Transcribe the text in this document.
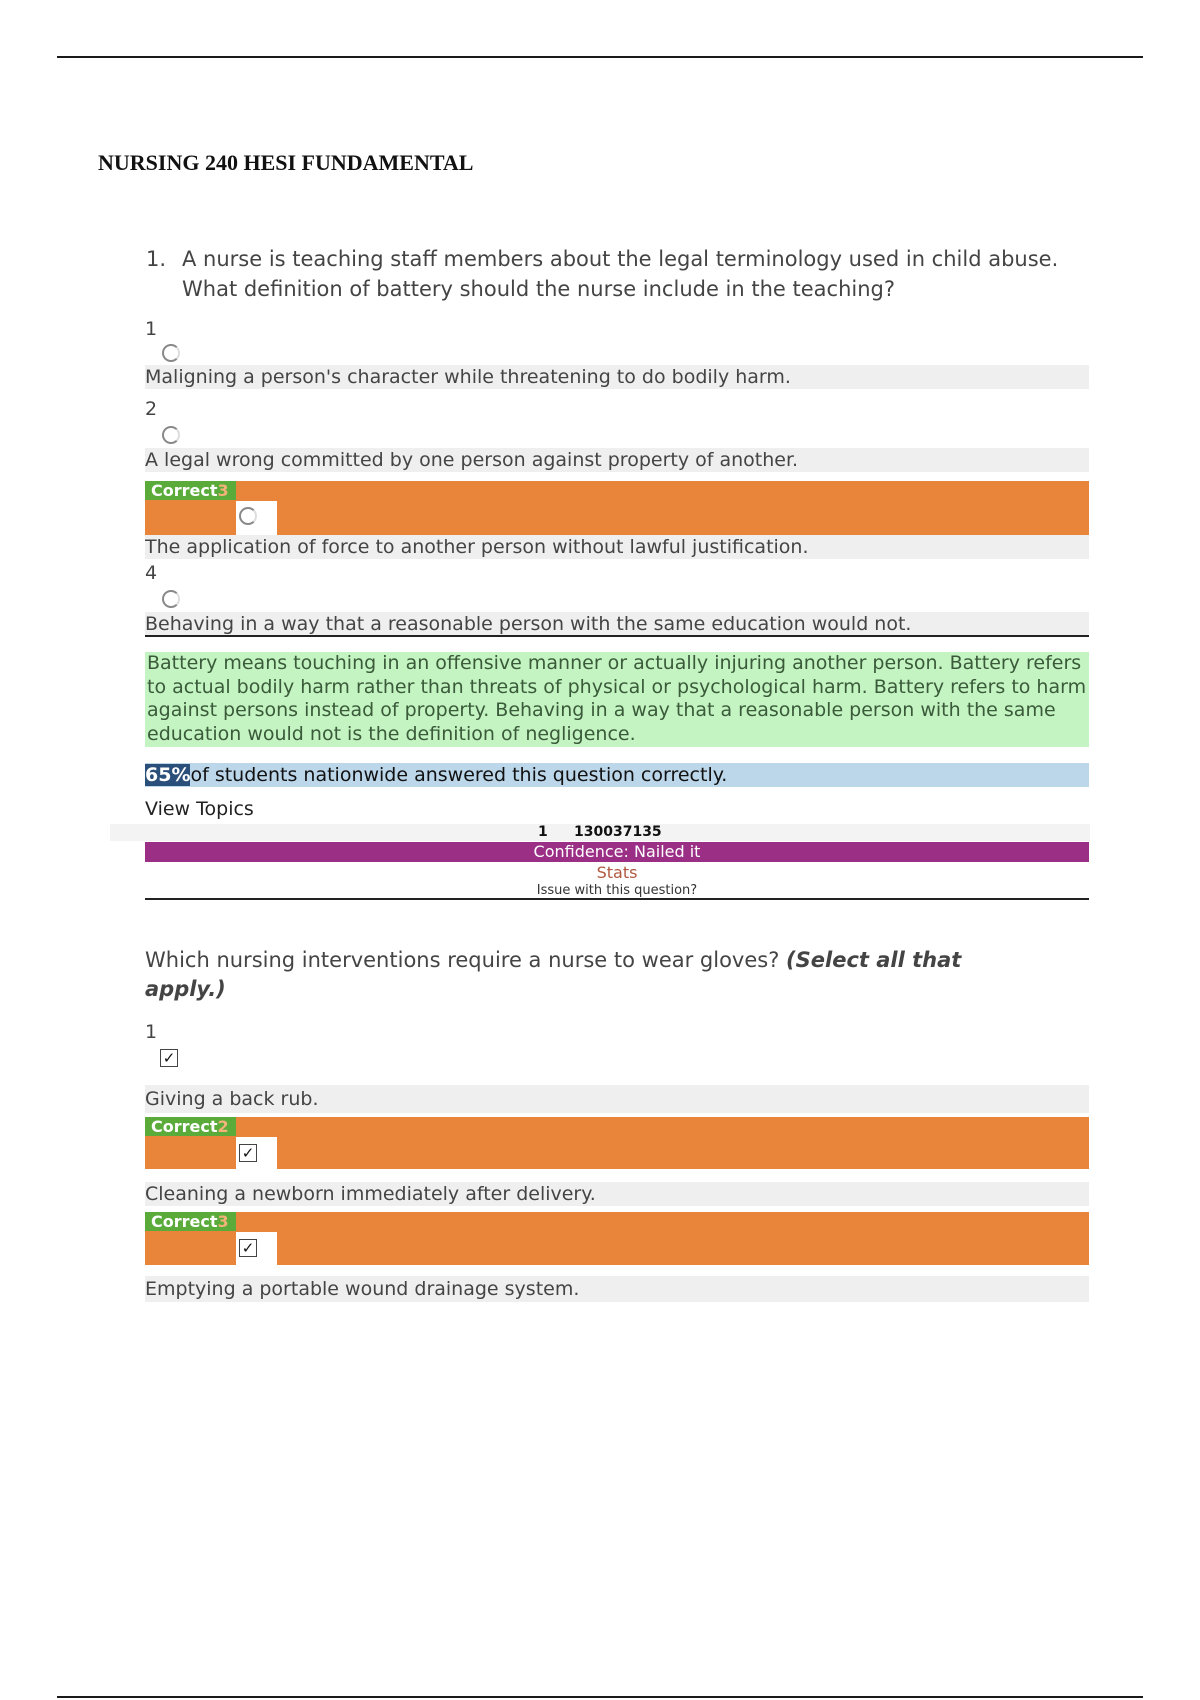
NURSING 240 HESI FUNDAMENTAL
1. A nurse is teaching staff members about the legal terminology used in child abuse. What definition of battery should the nurse include in the teaching?
1
Maligning a person's character while threatening to do bodily harm.
2
A legal wrong committed by one person against property of another.
Correct3
The application of force to another person without lawful justification.
4
Behaving in a way that a reasonable person with the same education would not.
Battery means touching in an offensive manner or actually injuring another person. Battery refers to actual bodily harm rather than threats of physical or psychological harm. Battery refers to harm against persons instead of property. Behaving in a way that a reasonable person with the same education would not is the definition of negligence.
65%of students nationwide answered this question correctly.
View Topics
1 130037135
Confidence: Nailed it
Stats
Issue with this question?
Which nursing interventions require a nurse to wear gloves? (Select all that apply.)
1
✓
Giving a back rub.
Correct2
✓
Cleaning a newborn immediately after delivery.
Correct3
✓
Emptying a portable wound drainage system.
